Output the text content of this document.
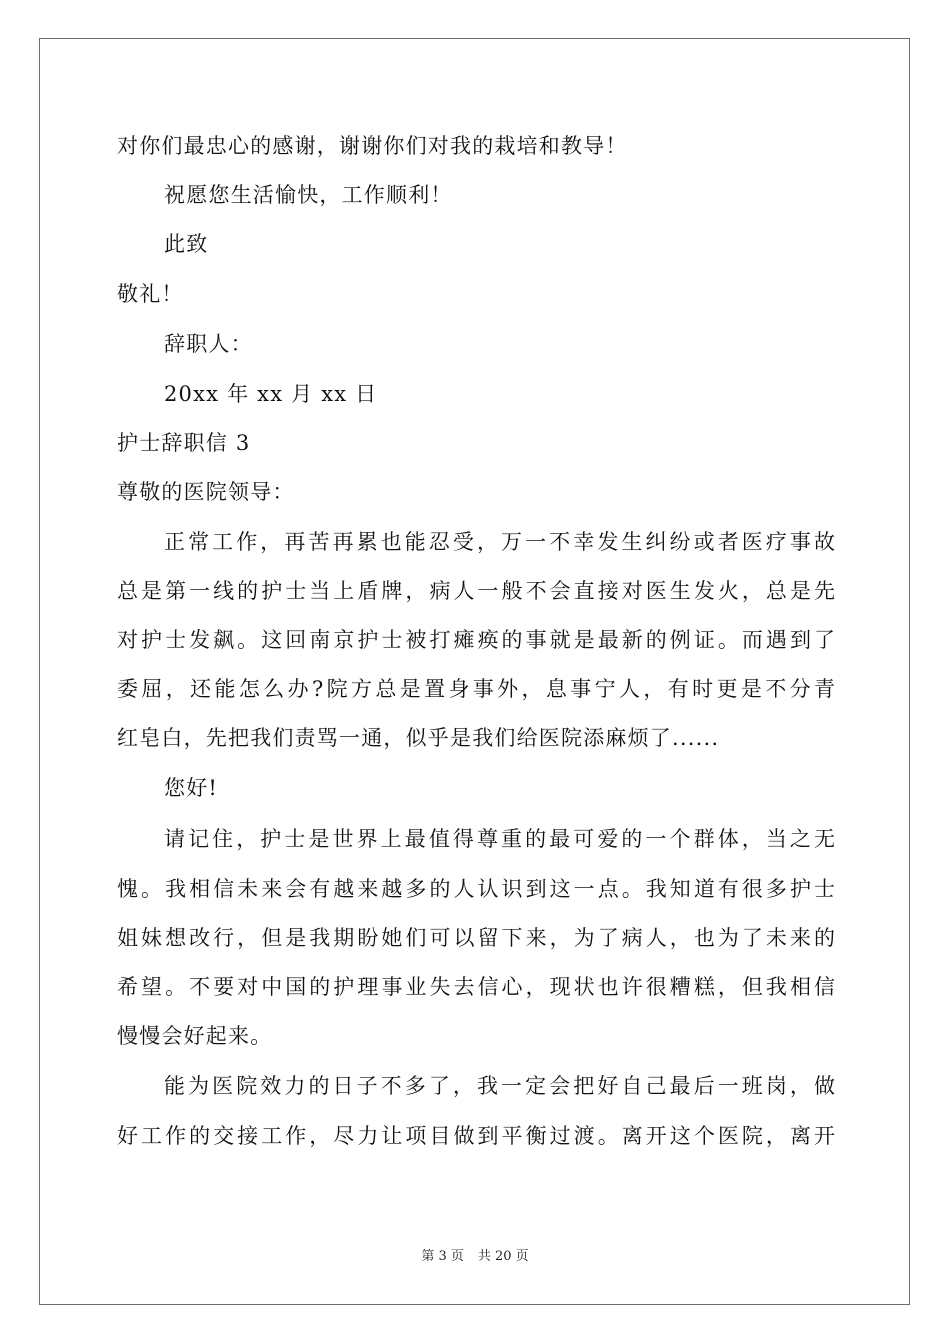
对你们最忠心的感谢，谢谢你们对我的栽培和教导！
祝愿您生活愉快，工作顺利！
此致
敬礼！
辞职人：
20xx 年 xx 月 xx 日
护士辞职信 3
尊敬的医院领导：
正常工作，再苦再累也能忍受，万一不幸发生纠纷或者医疗事故
总是第一线的护士当上盾牌，病人一般不会直接对医生发火，总是先
对护士发飙。这回南京护士被打瘫痪的事就是最新的例证。而遇到了
委屈，还能怎么办?院方总是置身事外，息事宁人，有时更是不分青
红皂白，先把我们责骂一通，似乎是我们给医院添麻烦了......
您好!
请记住，护士是世界上最值得尊重的最可爱的一个群体，当之无
愧。我相信未来会有越来越多的人认识到这一点。我知道有很多护士
姐妹想改行，但是我期盼她们可以留下来，为了病人，也为了未来的
希望。不要对中国的护理事业失去信心，现状也许很糟糕，但我相信
慢慢会好起来。
能为医院效力的日子不多了，我一定会把好自己最后一班岗，做
好工作的交接工作，尽力让项目做到平衡过渡。离开这个医院，离开
第 3 页 共 20 页
